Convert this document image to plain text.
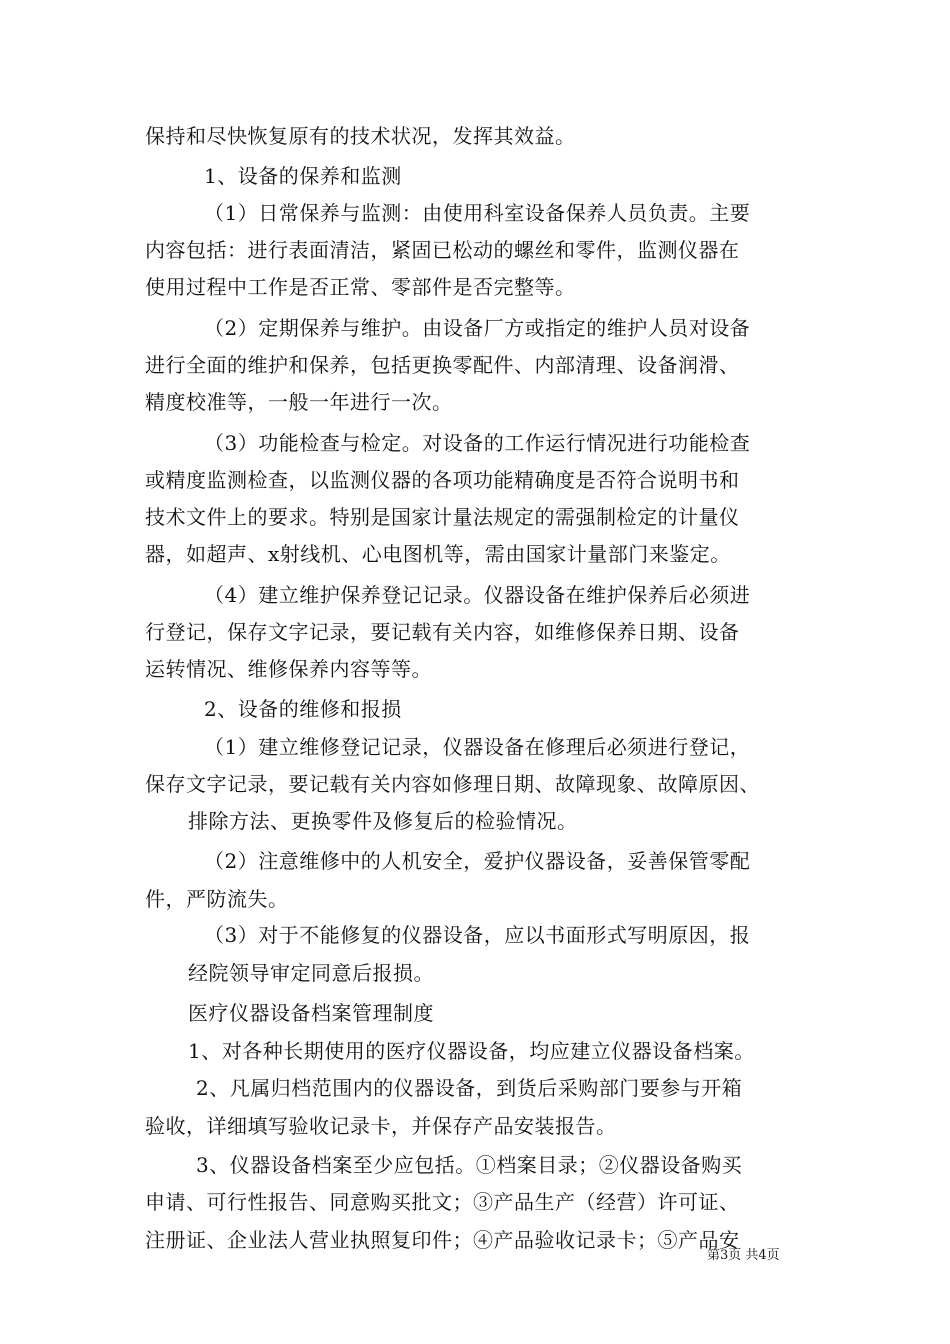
保持和尽快恢复原有的技术状况，发挥其效益。
1、设备的保养和监测
（1）日常保养与监测：由使用科室设备保养人员负责。主要
内容包括：进行表面清洁，紧固已松动的螺丝和零件，监测仪器在
使用过程中工作是否正常、零部件是否完整等。
（2）定期保养与维护。由设备厂方或指定的维护人员对设备
进行全面的维护和保养，包括更换零配件、内部清理、设备润滑、
精度校准等，一般一年进行一次。
（3）功能检查与检定。对设备的工作运行情况进行功能检查
或精度监测检查，以监测仪器的各项功能精确度是否符合说明书和
技术文件上的要求。特别是国家计量法规定的需强制检定的计量仪
器，如超声、x射线机、心电图机等，需由国家计量部门来鉴定。
（4）建立维护保养登记记录。仪器设备在维护保养后必须进
行登记，保存文字记录，要记载有关内容，如维修保养日期、设备
运转情况、维修保养内容等等。
2、设备的维修和报损
（1）建立维修登记记录，仪器设备在修理后必须进行登记，
保存文字记录，要记载有关内容如修理日期、故障现象、故障原因、
排除方法、更换零件及修复后的检验情况。
（2）注意维修中的人机安全，爱护仪器设备，妥善保管零配
件，严防流失。
（3）对于不能修复的仪器设备，应以书面形式写明原因，报
经院领导审定同意后报损。
医疗仪器设备档案管理制度
1、对各种长期使用的医疗仪器设备，均应建立仪器设备档案。
2、凡属归档范围内的仪器设备，到货后采购部门要参与开箱
验收，详细填写验收记录卡，并保存产品安装报告。
3、仪器设备档案至少应包括。①档案目录；②仪器设备购买
申请、可行性报告、同意购买批文；③产品生产（经营）许可证、
注册证、企业法人营业执照复印件；④产品验收记录卡；⑤产品安
第3页 共4页
